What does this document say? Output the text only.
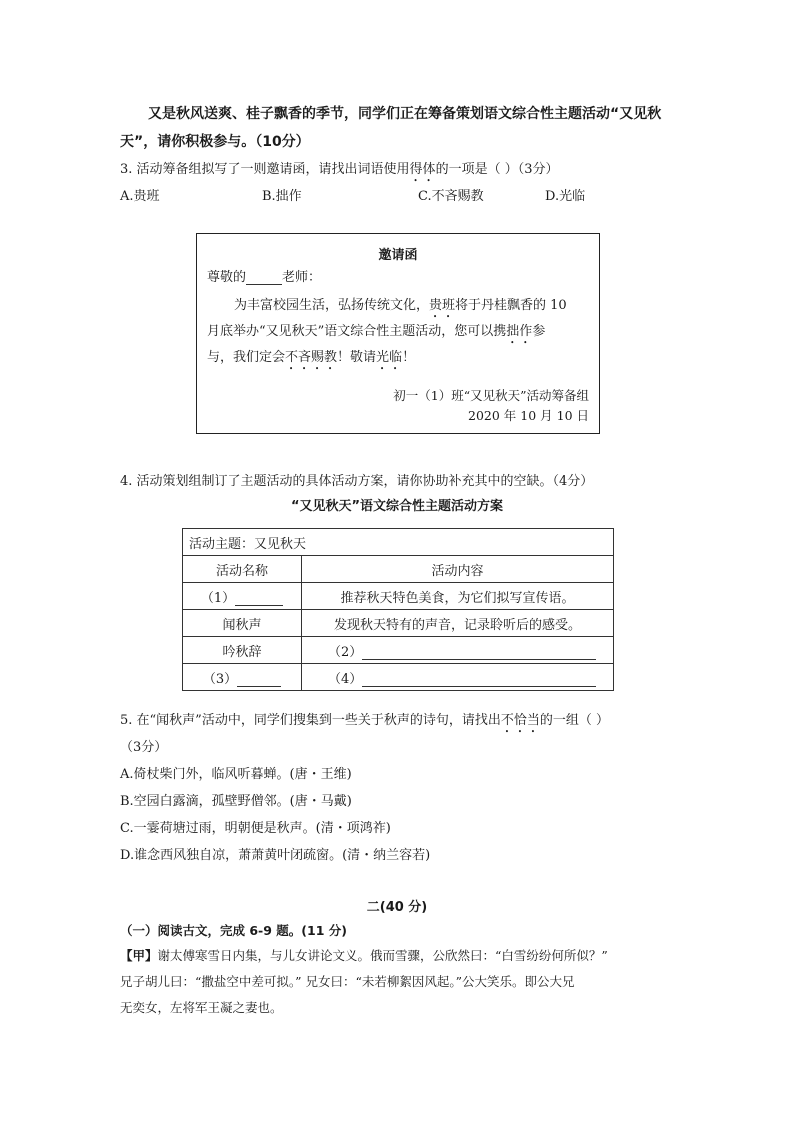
又是秋风送爽、桂子飘香的季节，同学们正在筹备策划语文综合性主题活动“又见秋
天”，请你积极参与。（10分）
3. 活动筹备组拟写了一则邀请函，请找出词语使用得体的一项是（ ）（3分）
A.贵班	B.拙作	C.不吝赐教	D.光临
邀请函
尊敬的	老师：
为丰富校园生活，弘扬传统文化，贵班将于丹桂飘香的 10
月底举办“又见秋天”语文综合性主题活动，您可以携拙作参
与，我们定会不吝赐教！敬请光临！
初一（1）班“又见秋天”活动筹备组
2020 年 10 月 10 日
4. 活动策划组制订了主题活动的具体活动方案，请你协助补充其中的空缺。（4分）
“又见秋天”语文综合性主题活动方案
活动主题：又见秋天	
活动名称	活动内容
（1）	推荐秋天特色美食，为它们拟写宣传语。
闻秋声	发现秋天特有的声音，记录聆听后的感受。
吟秋辞	（2）
（3）	（4）
5. 在“闻秋声”活动中，同学们搜集到一些关于秋声的诗句，请找出不恰当的一组（ ）
（3分）
A.倚杖柴门外，临风听暮蝉。(唐・王维)
B.空园白露滴，孤壁野僧邻。(唐・马戴)
C.一霎荷塘过雨，明朝便是秋声。(清・项鸿祚)
D.谁念西风独自凉，萧萧黄叶闭疏窗。(清・纳兰容若)
二(40 分)
（一）阅读古文，完成 6-9 题。(11 分)
【甲】谢太傅寒雪日内集，与儿女讲论文义。俄而雪骤，公欣然曰：“白雪纷纷何所似？”
兄子胡儿曰：“撒盐空中差可拟。” 兄女曰：“未若柳絮因风起。”公大笑乐。即公大兄
无奕女，左将军王凝之妻也。
